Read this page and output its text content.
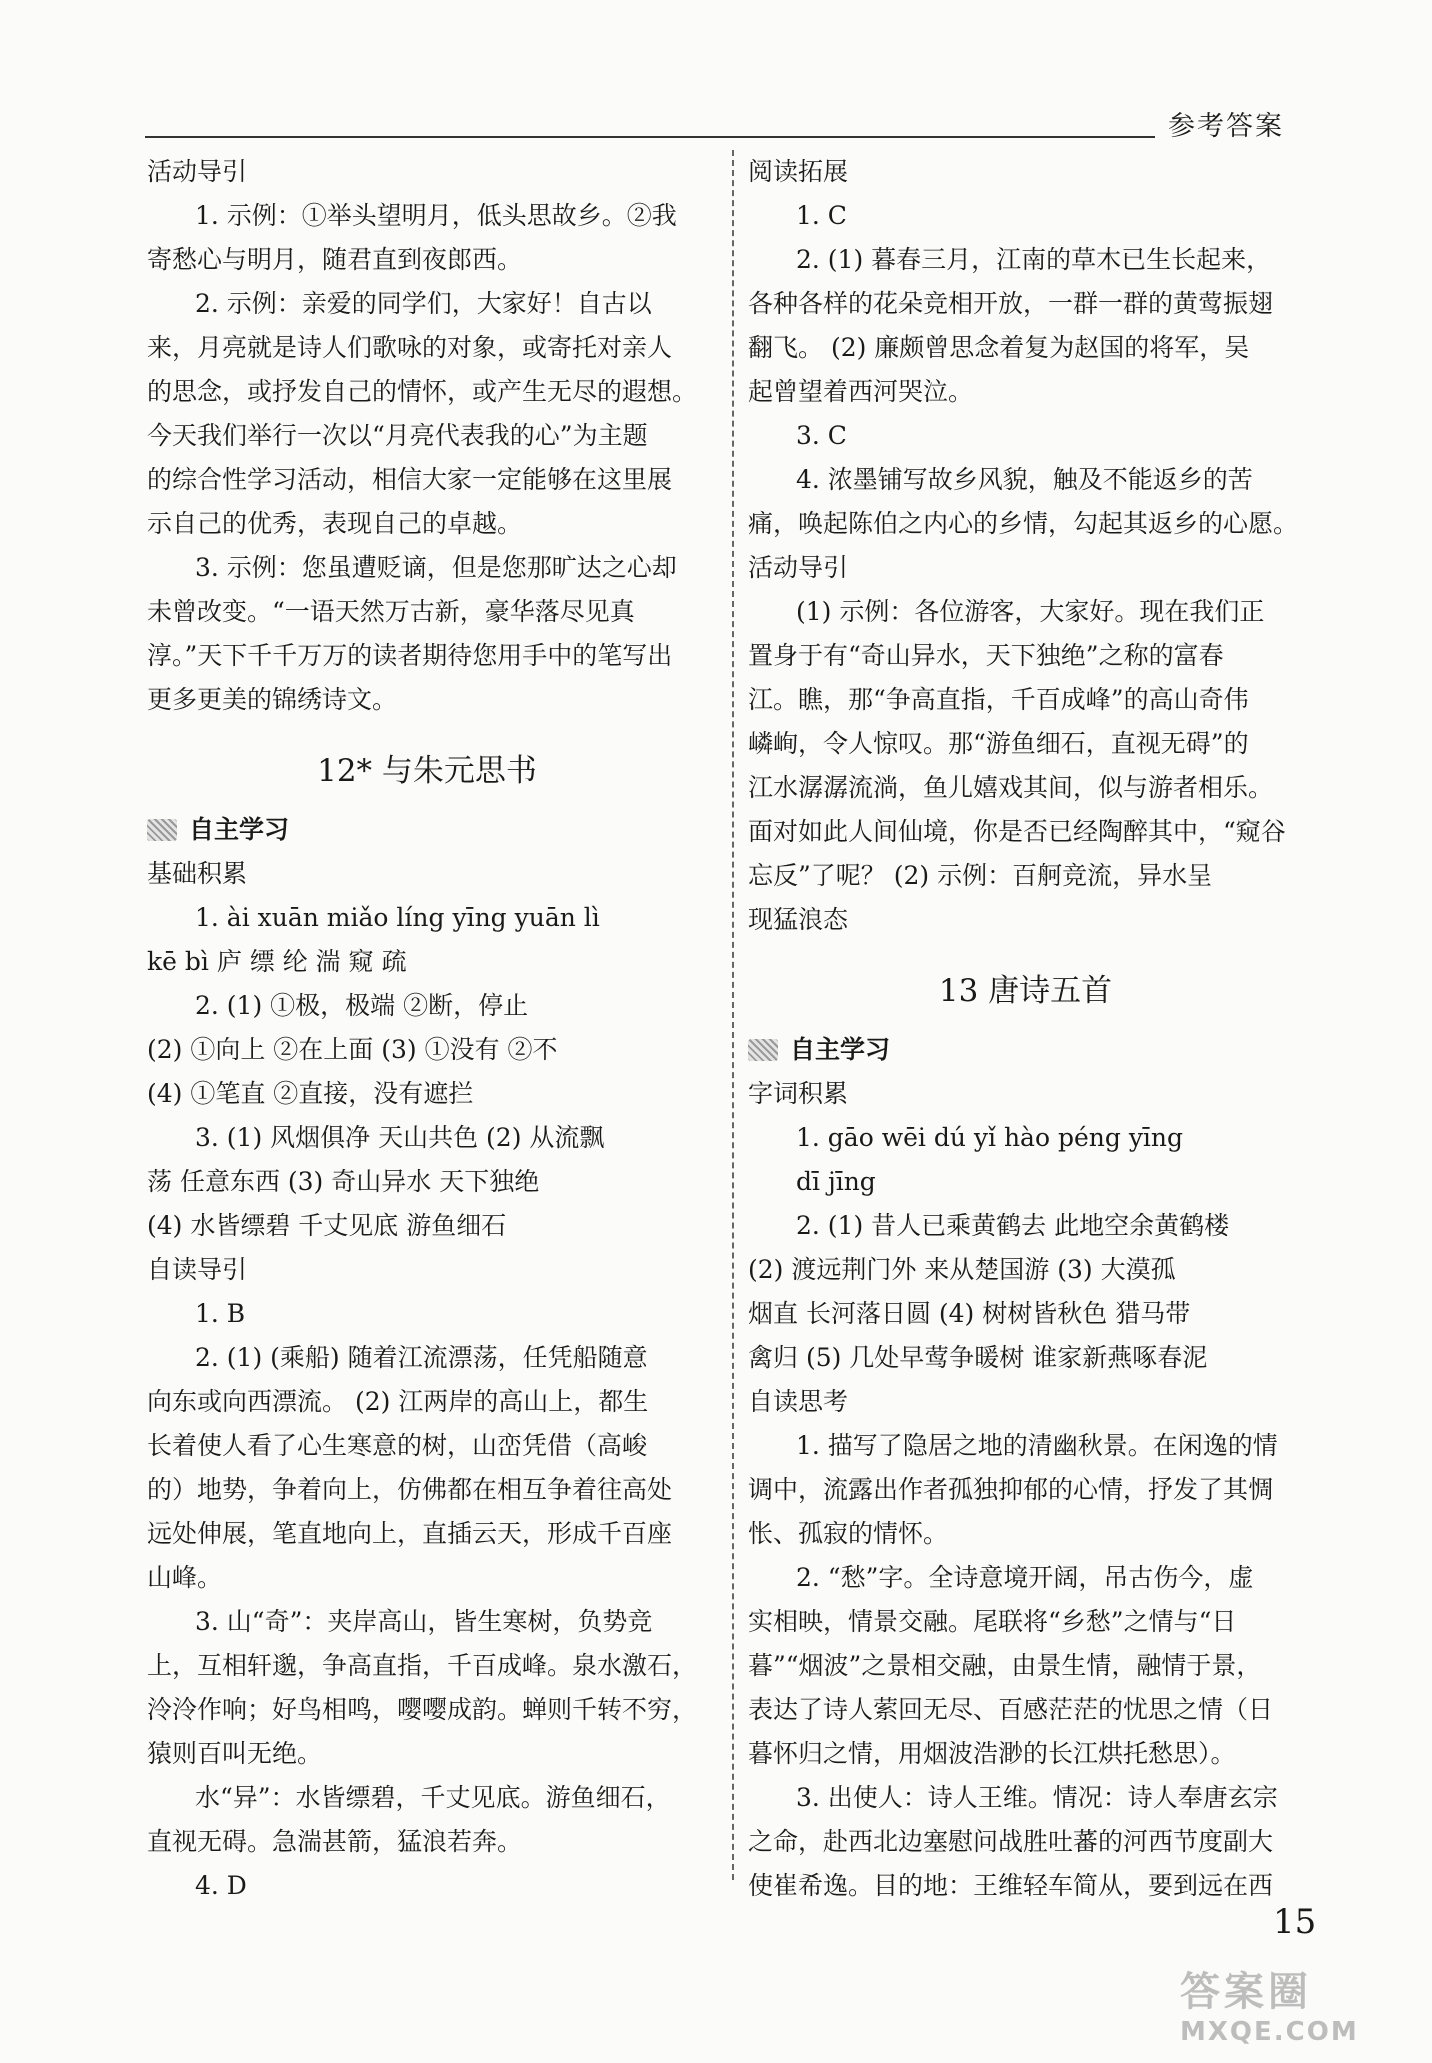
参考答案
活动导引
1. 示例：①举头望明月，低头思故乡。②我
寄愁心与明月，随君直到夜郎西。
2. 示例：亲爱的同学们，大家好！自古以
来，月亮就是诗人们歌咏的对象，或寄托对亲人
的思念，或抒发自己的情怀，或产生无尽的遐想。
今天我们举行一次以“月亮代表我的心”为主题
的综合性学习活动，相信大家一定能够在这里展
示自己的优秀，表现自己的卓越。
3. 示例：您虽遭贬谪，但是您那旷达之心却
未曾改变。“一语天然万古新，豪华落尽见真
淳。”天下千千万万的读者期待您用手中的笔写出
更多更美的锦绣诗文。
12* 与朱元思书
自主学习
基础积累
1. ài xuān miǎo líng yīng yuān lì
kē bì 庐 缥 纶 湍 窥 疏
2. (1) ①极，极端 ②断，停止
(2) ①向上 ②在上面 (3) ①没有 ②不
(4) ①笔直 ②直接，没有遮拦
3. (1) 风烟俱净 天山共色 (2) 从流飘
荡 任意东西 (3) 奇山异水 天下独绝
(4) 水皆缥碧 千丈见底 游鱼细石
自读导引
1. B
2. (1) (乘船) 随着江流漂荡，任凭船随意
向东或向西漂流。 (2) 江两岸的高山上，都生
长着使人看了心生寒意的树，山峦凭借（高峻
的）地势，争着向上，仿佛都在相互争着往高处
远处伸展，笔直地向上，直插云天，形成千百座
山峰。
3. 山“奇”：夹岸高山，皆生寒树，负势竞
上，互相轩邈，争高直指，千百成峰。泉水激石，
泠泠作响；好鸟相鸣，嘤嘤成韵。蝉则千转不穷，
猿则百叫无绝。
水“异”：水皆缥碧，千丈见底。游鱼细石，
直视无碍。急湍甚箭，猛浪若奔。
4. D
阅读拓展
1. C
2. (1) 暮春三月，江南的草木已生长起来，
各种各样的花朵竞相开放，一群一群的黄莺振翅
翻飞。 (2) 廉颇曾思念着复为赵国的将军，吴
起曾望着西河哭泣。
3. C
4. 浓墨铺写故乡风貌，触及不能返乡的苦
痛，唤起陈伯之内心的乡情，勾起其返乡的心愿。
活动导引
(1) 示例：各位游客，大家好。现在我们正
置身于有“奇山异水，天下独绝”之称的富春
江。瞧，那“争高直指，千百成峰”的高山奇伟
嶙峋，令人惊叹。那“游鱼细石，直视无碍”的
江水潺潺流淌，鱼儿嬉戏其间，似与游者相乐。
面对如此人间仙境，你是否已经陶醉其中，“窥谷
忘反”了呢？ (2) 示例：百舸竞流，异水呈
现猛浪态
13 唐诗五首
自主学习
字词积累
1. gāo wēi dú yǐ hào péng yīng
dī jīng
2. (1) 昔人已乘黄鹤去 此地空余黄鹤楼
(2) 渡远荆门外 来从楚国游 (3) 大漠孤
烟直 长河落日圆 (4) 树树皆秋色 猎马带
禽归 (5) 几处早莺争暖树 谁家新燕啄春泥
自读思考
1. 描写了隐居之地的清幽秋景。在闲逸的情
调中，流露出作者孤独抑郁的心情，抒发了其惆
怅、孤寂的情怀。
2. “愁”字。全诗意境开阔，吊古伤今，虚
实相映，情景交融。尾联将“乡愁”之情与“日
暮”“烟波”之景相交融，由景生情，融情于景，
表达了诗人萦回无尽、百感茫茫的忧思之情（日
暮怀归之情，用烟波浩渺的长江烘托愁思）。
3. 出使人：诗人王维。情况：诗人奉唐玄宗
之命，赴西北边塞慰问战胜吐蕃的河西节度副大
使崔希逸。目的地：王维轻车简从，要到远在西
15
答案圈
MXQE.COM
